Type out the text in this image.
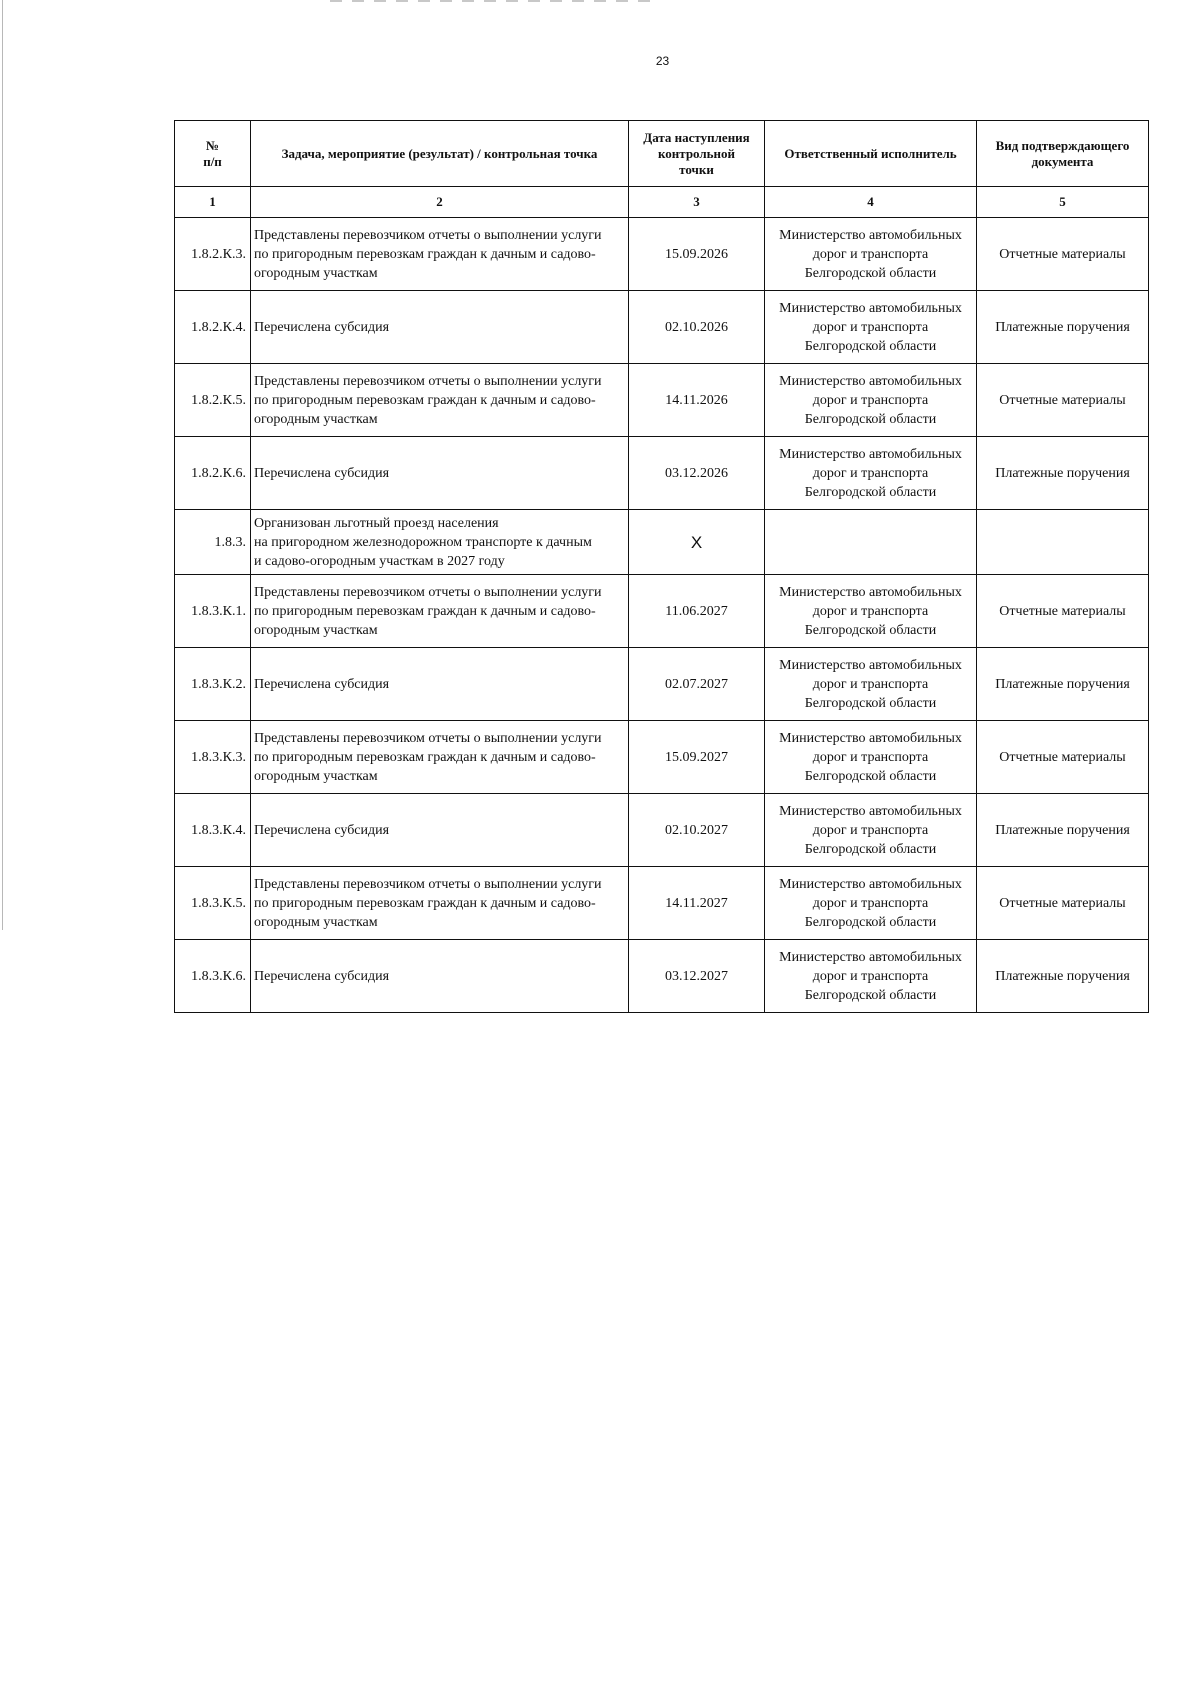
23
№
п/п	Задача, мероприятие (результат) / контрольная точка	Дата наступления
контрольной
точки	Ответственный исполнитель	Вид подтверждающего
документа
1	2	3	4	5
1.8.2.К.3.	Представлены перевозчиком отчеты о выполнении услуги
по пригородным перевозкам граждан к дачным и садово-
огородным участкам	15.09.2026	Министерство автомобильных
дорог и транспорта
Белгородской области	Отчетные материалы
1.8.2.К.4.	Перечислена субсидия	02.10.2026	Министерство автомобильных
дорог и транспорта
Белгородской области	Платежные поручения
1.8.2.К.5.	Представлены перевозчиком отчеты о выполнении услуги
по пригородным перевозкам граждан к дачным и садово-
огородным участкам	14.11.2026	Министерство автомобильных
дорог и транспорта
Белгородской области	Отчетные материалы
1.8.2.К.6.	Перечислена субсидия	03.12.2026	Министерство автомобильных
дорог и транспорта
Белгородской области	Платежные поручения
1.8.3.	Организован льготный проезд населения
на пригородном железнодорожном транспорте к дачным
и садово-огородным участкам в 2027 году	X		
1.8.3.К.1.	Представлены перевозчиком отчеты о выполнении услуги
по пригородным перевозкам граждан к дачным и садово-
огородным участкам	11.06.2027	Министерство автомобильных
дорог и транспорта
Белгородской области	Отчетные материалы
1.8.3.К.2.	Перечислена субсидия	02.07.2027	Министерство автомобильных
дорог и транспорта
Белгородской области	Платежные поручения
1.8.3.К.3.	Представлены перевозчиком отчеты о выполнении услуги
по пригородным перевозкам граждан к дачным и садово-
огородным участкам	15.09.2027	Министерство автомобильных
дорог и транспорта
Белгородской области	Отчетные материалы
1.8.3.К.4.	Перечислена субсидия	02.10.2027	Министерство автомобильных
дорог и транспорта
Белгородской области	Платежные поручения
1.8.3.К.5.	Представлены перевозчиком отчеты о выполнении услуги
по пригородным перевозкам граждан к дачным и садово-
огородным участкам	14.11.2027	Министерство автомобильных
дорог и транспорта
Белгородской области	Отчетные материалы
1.8.3.К.6.	Перечислена субсидия	03.12.2027	Министерство автомобильных
дорог и транспорта
Белгородской области	Платежные поручения
